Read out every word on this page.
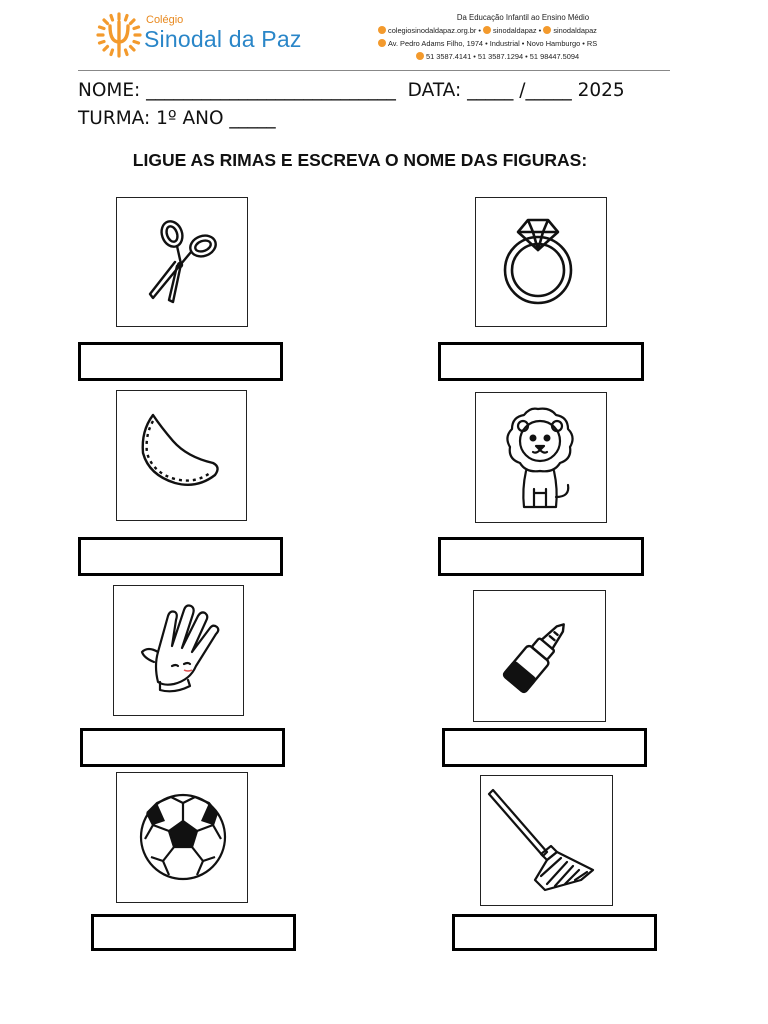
Colégio
Sinodal da Paz
Da Educação Infantil ao Ensino Médio
colegiosinodaldapaz.org.br • sinodaldapaz • sinodaldapaz
Av. Pedro Adams Filho, 1974 • Industrial • Novo Hamburgo • RS
51 3587.4141 • 51 3587.1294 • 51 98447.5094
NOME: ___________________________  DATA: _____ /_____ 2025
TURMA: 1º ANO _____
LIGUE AS RIMAS E ESCREVA O NOME DAS FIGURAS:
